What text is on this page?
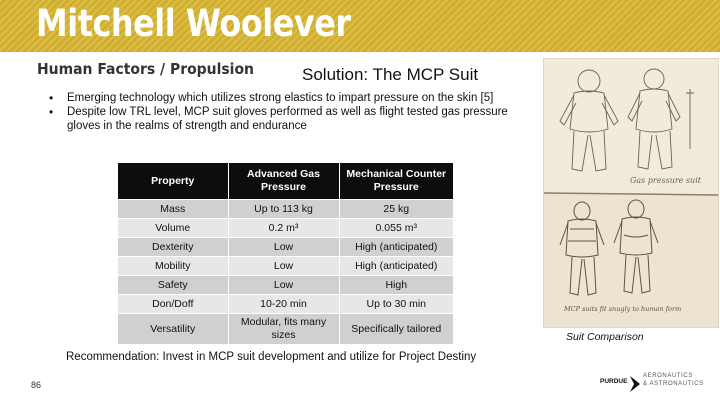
Mitchell Woolever
Human Factors / Propulsion	Solution: The MCP Suit
• Emerging technology which utilizes strong elastics to impart pressure on the skin [5]
• Despite low TRL level, MCP suit gloves performed as well as flight tested gas pressure gloves in the realms of strength and endurance
Property	Advanced Gas Pressure	Mechanical Counter Pressure
Mass	Up to 113 kg	25 kg
Volume	0.2 m³	0.055 m³
Dexterity	Low	High (anticipated)
Mobility	Low	High (anticipated)
Safety	Low	High
Don/Doff	10-20 min	Up to 30 min
Versatility	Modular, fits many sizes	Specifically tailored
Gas pressure suit
MCP suits fit snugly to human form
Suit Comparison
Recommendation: Invest in MCP suit development and utilize for Project Destiny
86	PURDUE
AERONAUTICS
& ASTRONAUTICS
